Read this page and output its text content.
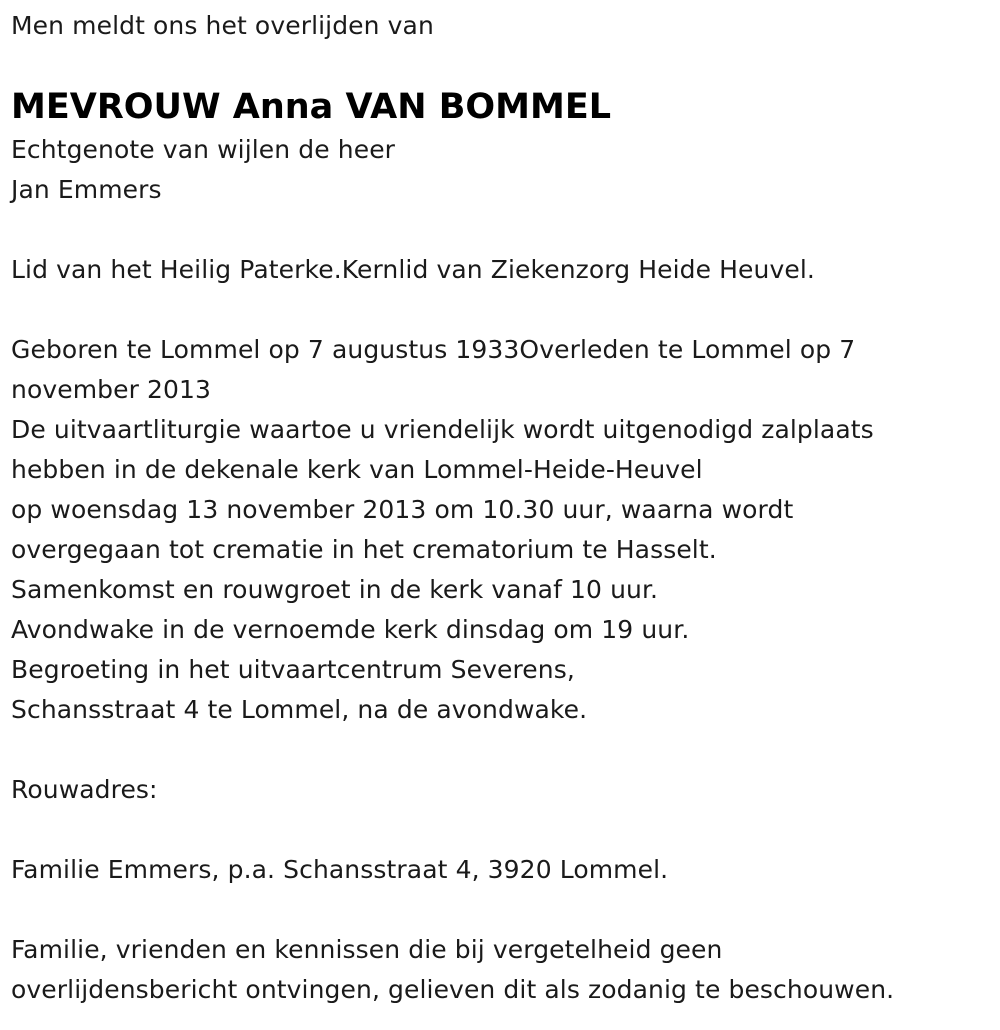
Men meldt ons het overlijden van
MEVROUW Anna VAN BOMMEL
Echtgenote van wijlen de heer
Jan Emmers
Lid van het Heilig Paterke.Kernlid van Ziekenzorg Heide Heuvel.
Geboren te Lommel op 7 augustus 1933Overleden te Lommel op 7
november 2013
De uitvaartliturgie waartoe u vriendelijk wordt uitgenodigd zalplaats
hebben in de dekenale kerk van Lommel-Heide-Heuvel
op woensdag 13 november 2013 om 10.30 uur, waarna wordt
overgegaan tot crematie in het crematorium te Hasselt.
Samenkomst en rouwgroet in de kerk vanaf 10 uur.
Avondwake in de vernoemde kerk dinsdag om 19 uur.
Begroeting in het uitvaartcentrum Severens,
Schansstraat 4 te Lommel, na de avondwake.
Rouwadres:
Familie Emmers, p.a. Schansstraat 4, 3920 Lommel.
Familie, vrienden en kennissen die bij vergetelheid geen
overlijdensbericht ontvingen, gelieven dit als zodanig te beschouwen.
